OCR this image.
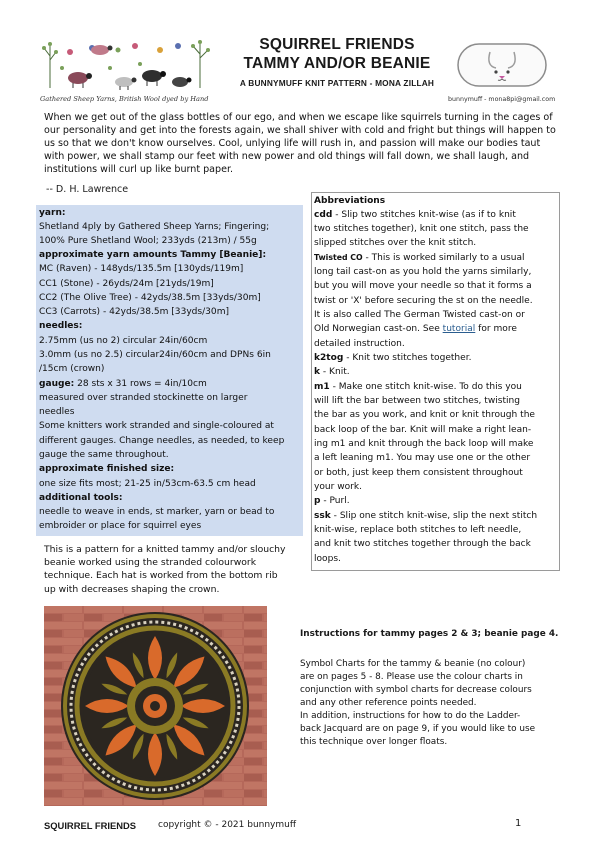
Gathered Sheep Yarns, British Wool dyed by Hand
SQUIRREL FRIENDS
TAMMY AND/OR BEANIE
A BUNNYMUFF KNIT PATTERN - MONA ZILLAH
bunnymuff - mona8pi@gmail.com
When we get out of the glass bottles of our ego, and when we escape like squirrels turning in the cages of our personality and get into the forests again, we shall shiver with cold and fright but things will happen to us so that we don't know ourselves. Cool, unlying life will rush in, and passion will make our bodies taut with power, we shall stamp our feet with new power and old things will fall down, we shall laugh, and institutions will curl up like burnt paper.
-- D. H. Lawrence
yarn:
Shetland 4ply by Gathered Sheep Yarns; Fingering;
100% Pure Shetland Wool; 233yds (213m) / 55g
approximate yarn amounts Tammy [Beanie]:
MC (Raven) - 148yds/135.5m [130yds/119m]
CC1 (Stone) - 26yds/24m [21yds/19m]
CC2 (The Olive Tree) - 42yds/38.5m [33yds/30m]
CC3 (Carrots) - 42yds/38.5m [33yds/30m]
needles:
2.75mm (us no 2) circular 24in/60cm
3.0mm (us no 2.5) circular24in/60cm and DPNs 6in
/15cm (crown)
gauge: 28 sts x 31 rows = 4in/10cm
measured over stranded stockinette on larger
needles
Some knitters work stranded and single-coloured at
different gauges. Change needles, as needed, to keep
gauge the same throughout.
approximate finished size:
one size fits most; 21-25 in/53cm-63.5 cm head
additional tools:
needle to weave in ends, st marker, yarn or bead to
embroider or place for squirrel eyes
This is a pattern for a knitted tammy and/or slouchy beanie worked using the stranded colourwork technique. Each hat is worked from the bottom rib up with decreases shaping the crown.
Abbreviations
cdd - Slip two stitches knit-wise (as if to knit
two stitches together), knit one stitch, pass the
slipped stitches over the knit stitch.
Twisted CO - This is worked similarly to a usual
long tail cast-on as you hold the yarns similarly,
but you will move your needle so that it forms a
twist or 'X' before securing the st on the needle.
It is also called The German Twisted cast-on or
Old Norwegian cast-on. See tutorial for more
detailed instruction.
k2tog - Knit two stitches together.
k - Knit.
m1 - Make one stitch knit-wise. To do this you
will lift the bar between two stitches, twisting
the bar as you work, and knit or knit through the
back loop of the bar. Knit will make a right lean-
ing m1 and knit through the back loop will make
a left leaning m1. You may use one or the other
or both, just keep them consistent throughout
your work.
p - Purl.
ssk - Slip one stitch knit-wise, slip the next stitch
knit-wise, replace both stitches to left needle,
and knit two stitches together through the back
loops.
Instructions for tammy pages 2 & 3; beanie page 4.
Symbol Charts for the tammy & beanie (no colour)
are on pages 5 - 8. Please use the colour charts in
conjunction with symbol charts for decrease colours
and any other reference points needed.
In addition, instructions for how to do the Ladder-
back Jacquard are on page 9, if you would like to use
this technique over longer floats.
SQUIRREL FRIENDS copyright © - 2021 bunnymuff	1
